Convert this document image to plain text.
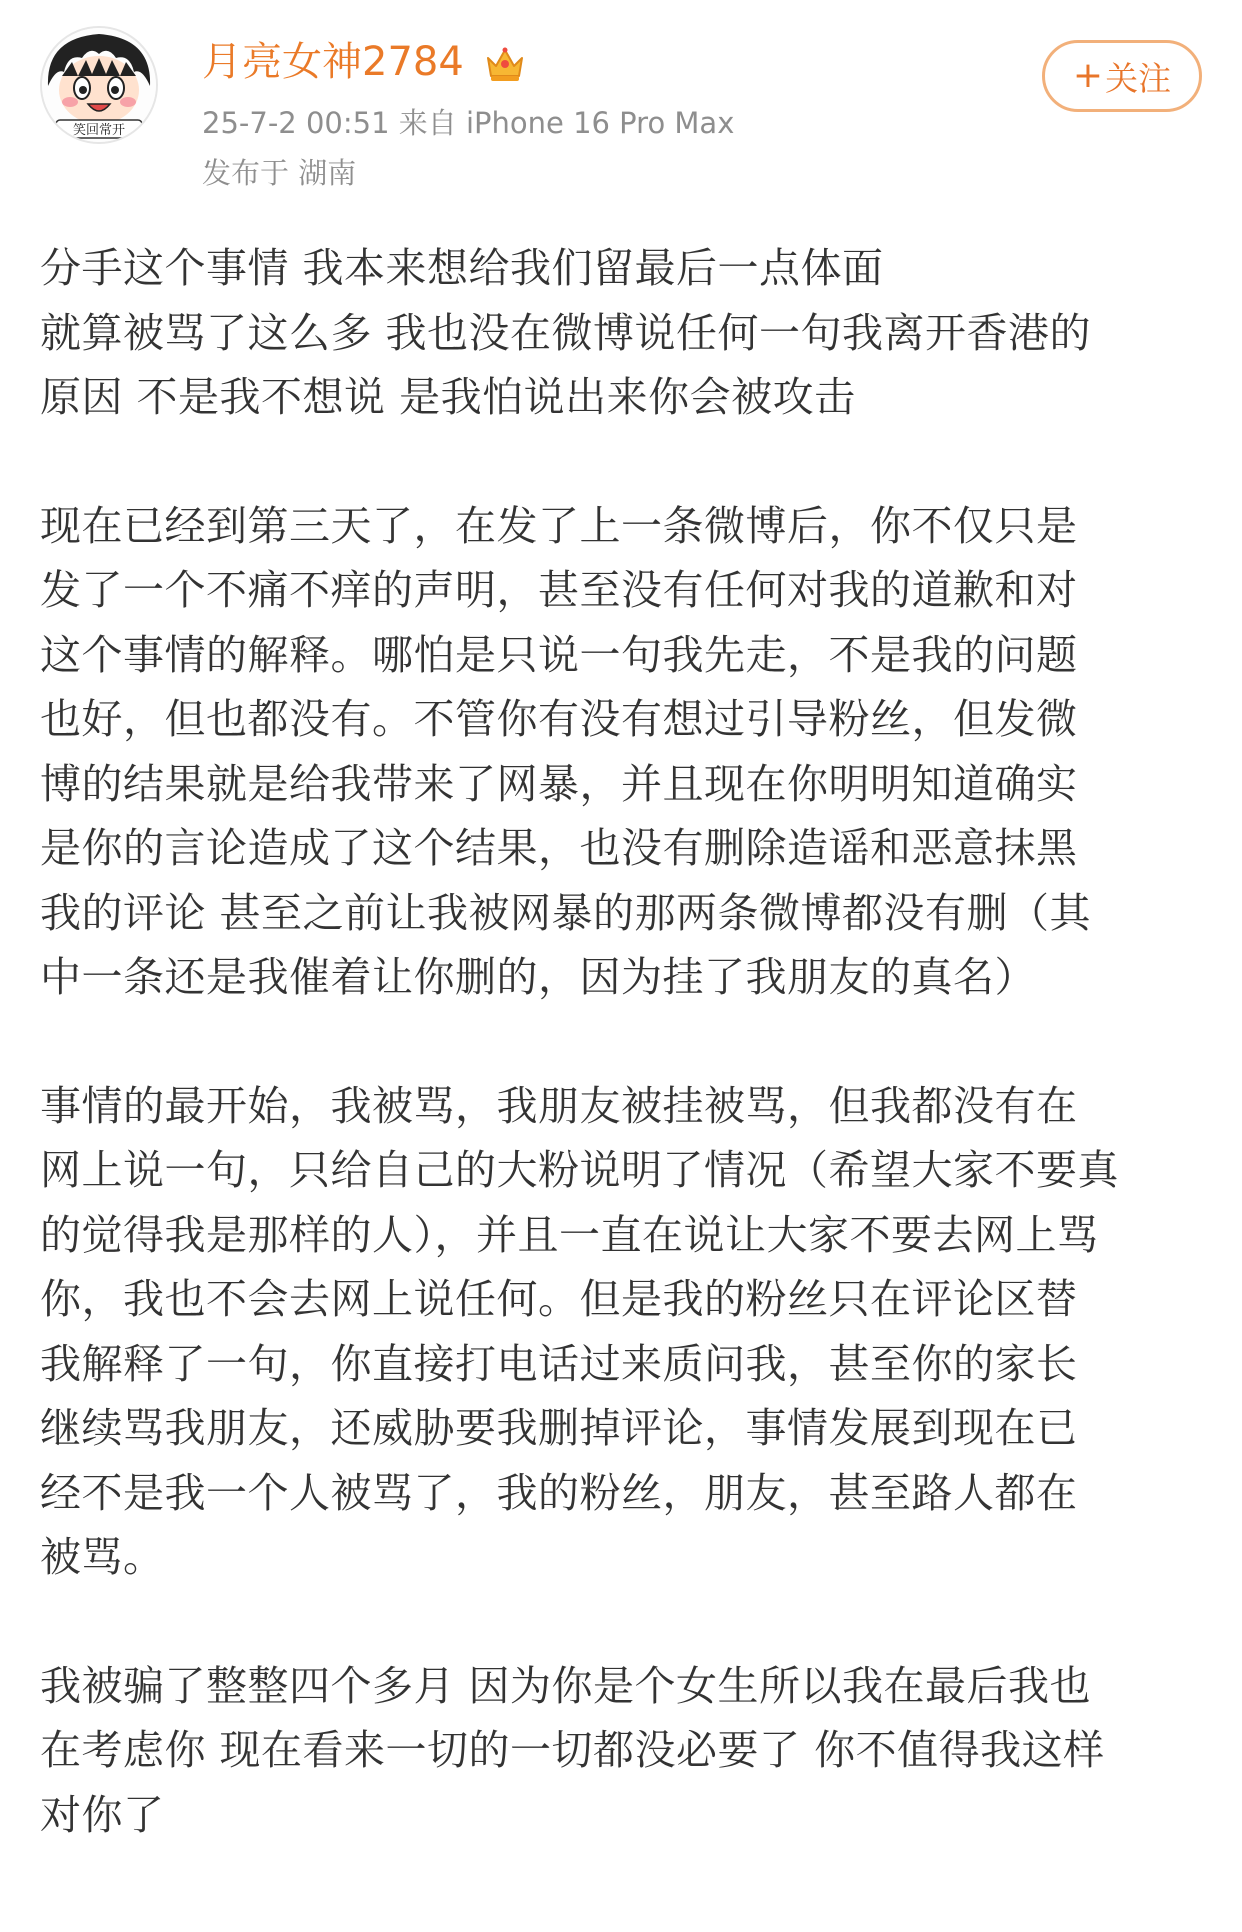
笑回常开
月亮女神2784
25-7-2 00:51 来自 iPhone 16 Pro Max
发布于 湖南
+ 关注
分手这个事情 我本来想给我们留最后一点体面
就算被骂了这么多 我也没在微博说任何一句我离开香港的
原因 不是我不想说 是我怕说出来你会被攻击
现在已经到第三天了，在发了上一条微博后，你不仅只是
发了一个不痛不痒的声明，甚至没有任何对我的道歉和对
这个事情的解释。哪怕是只说一句我先走，不是我的问题
也好，但也都没有。不管你有没有想过引导粉丝，但发微
博的结果就是给我带来了网暴，并且现在你明明知道确实
是你的言论造成了这个结果，也没有删除造谣和恶意抹黑
我的评论 甚至之前让我被网暴的那两条微博都没有删（其
中一条还是我催着让你删的，因为挂了我朋友的真名）
事情的最开始，我被骂，我朋友被挂被骂，但我都没有在
网上说一句，只给自己的大粉说明了情况（希望大家不要真
的觉得我是那样的人），并且一直在说让大家不要去网上骂
你，我也不会去网上说任何。但是我的粉丝只在评论区替
我解释了一句，你直接打电话过来质问我，甚至你的家长
继续骂我朋友，还威胁要我删掉评论，事情发展到现在已
经不是我一个人被骂了，我的粉丝，朋友，甚至路人都在
被骂。
我被骗了整整四个多月 因为你是个女生所以我在最后我也
在考虑你 现在看来一切的一切都没必要了 你不值得我这样
对你了
